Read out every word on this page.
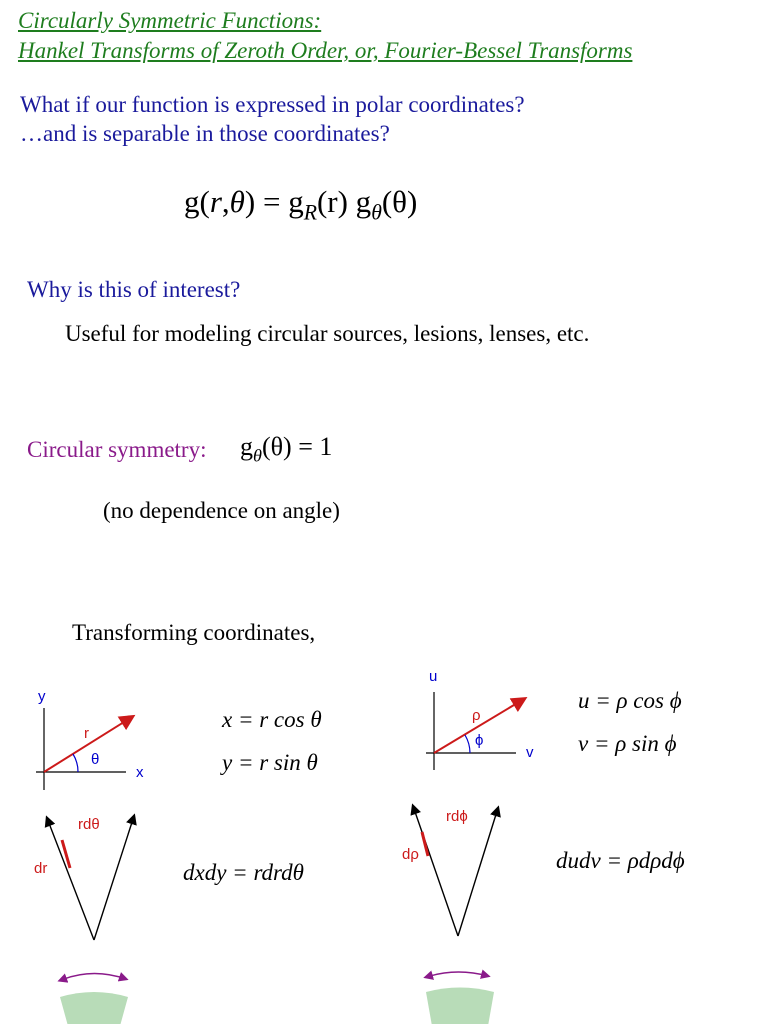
Circularly Symmetric Functions:
Hankel Transforms of Zeroth Order, or, Fourier-Bessel Transforms
What if our function is expressed in polar coordinates?
…and is separable in those coordinates?
$g(r,\theta) = g_R(r)$ $g_\theta(\theta)$
Why is this of interest?
Useful for modeling circular sources, lesions, lenses, etc.
Circular symmetry: $g_\theta(\theta) = 1$
(no dependence on angle)
Transforming coordinates,
y
x
r
θ
x = r cos θ
y = r sin θ
u
v
ρ
ϕ
u = ρ cos ϕ
v = ρ sin ϕ
rdθ
dr	dxdy = rdrdθ
rdϕ
dρ	dudv = ρdρdϕ
